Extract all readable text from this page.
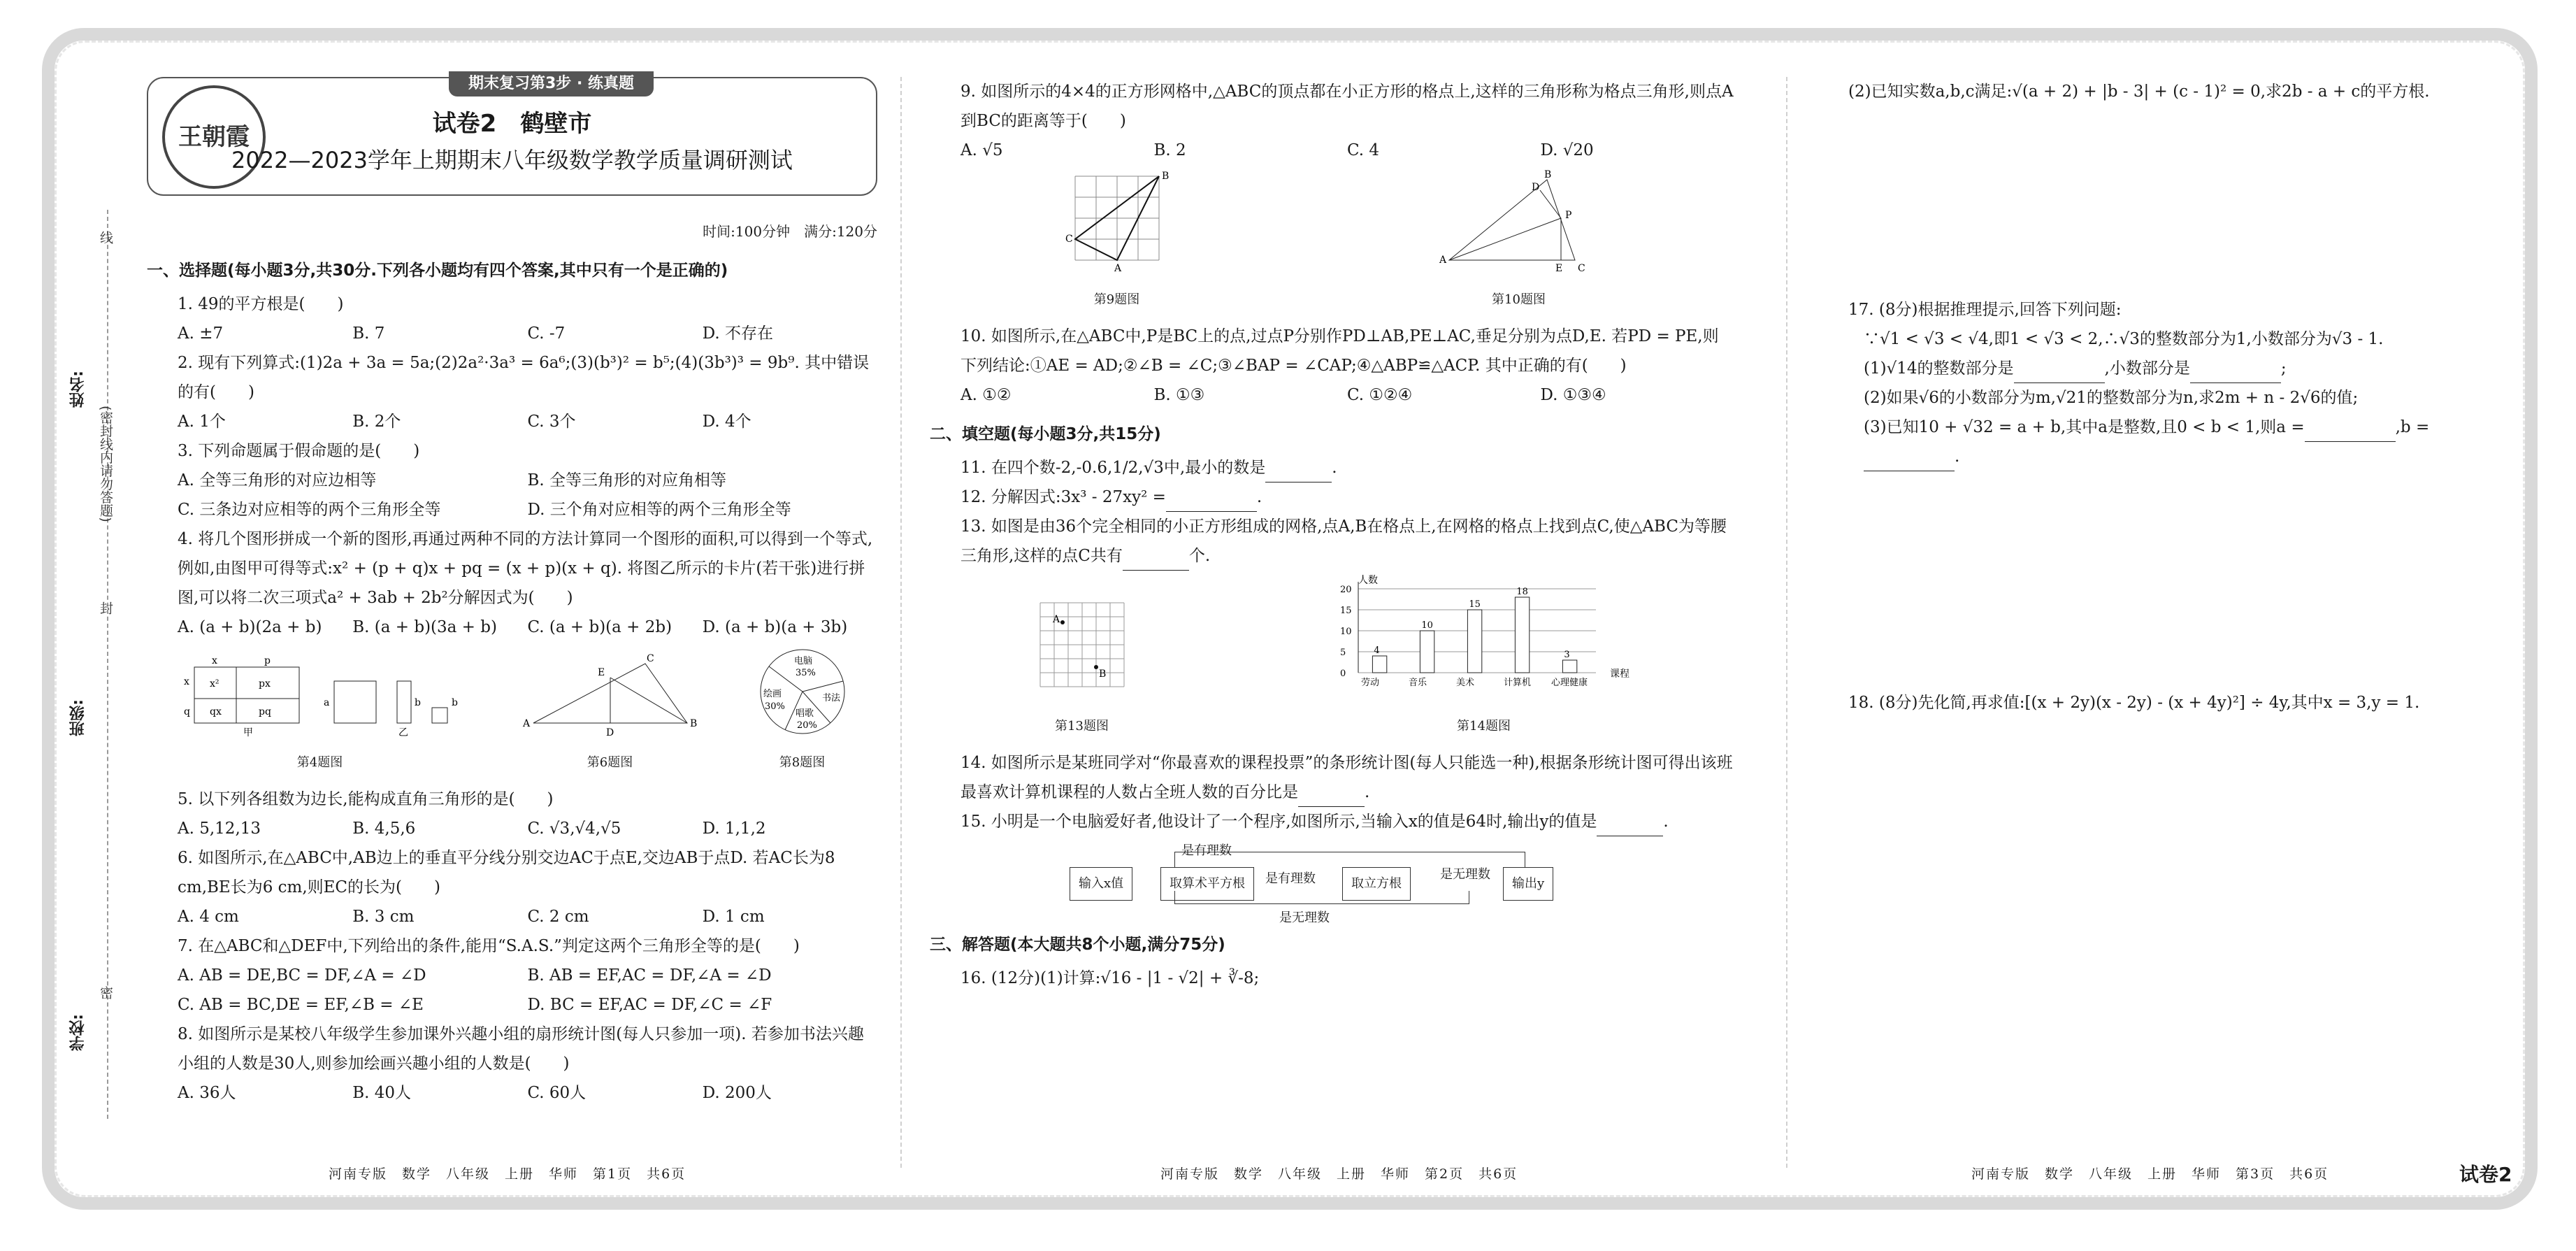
姓名:
班级:
学校:
线
(密封线内请勿答题)
封
密
期末复习第3步 · 练真题
王朝霞	试卷2　鹤壁市
2022—2023学年上期期末八年级数学教学质量调研测试
时间:100分钟　满分:120分
一、选择题(每小题3分,共30分.下列各小题均有四个答案,其中只有一个是正确的)

1. 49的平方根是(　　)

A. ±7	B. 7	C. -7	D. 不存在

2. 现有下列算式:(1)2a + 3a = 5a;(2)2a²·3a³ = 6a⁶;(3)(b³)² = b⁵;(4)(3b³)³ = 9b⁹. 其中错误的有(　　)

A. 1个	B. 2个	C. 3个	D. 4个

3. 下列命题属于假命题的是(　　)

A. 全等三角形的对应边相等	B. 全等三角形的对应角相等
C. 三条边对应相等的两个三角形全等	D. 三个角对应相等的两个三角形全等

4. 将几个图形拼成一个新的图形,再通过两种不同的方法计算同一个图形的面积,可以得到一个等式,例如,由图甲可得等式:x² + (p + q)x + pq = (x + p)(x + q). 将图乙所示的卡片(若干张)进行拼图,可以将二次三项式a² + 3ab + 2b²分解因式为(　　)

A. (a + b)(2a + b)	B. (a + b)(3a + b)	C. (a + b)(a + 2b)	D. (a + b)(a + 3b)
x	p
x
q
x²	px
qx	pq
甲
a	b	b
乙
第4题图
A	B
C
D
E
第6题图
电脑
35%
绘画
30%
书法
唱歌
20%
第8题图

5. 以下列各组数为边长,能构成直角三角形的是(　　)

A. 5,12,13	B. 4,5,6	C. √3,√4,√5	D. 1,1,2

6. 如图所示,在△ABC中,AB边上的垂直平分线分别交边AC于点E,交边AB于点D. 若AC长为8 cm,BE长为6 cm,则EC的长为(　　)

A. 4 cm	B. 3 cm	C. 2 cm	D. 1 cm

7. 在△ABC和△DEF中,下列给出的条件,能用“S.A.S.”判定这两个三角形全等的是(　　)

A. AB = DE,BC = DF,∠A = ∠D	B. AB = EF,AC = DF,∠A = ∠D
C. AB = BC,DE = EF,∠B = ∠E	D. BC = EF,AC = DF,∠C = ∠F

8. 如图所示是某校八年级学生参加课外兴趣小组的扇形统计图(每人只参加一项). 若参加书法兴趣小组的人数是30人,则参加绘画兴趣小组的人数是(　　)

A. 36人	B. 40人	C. 60人	D. 200人
河南专版　数学　八年级　上册　华师　第1页　共6页

9. 如图所示的4×4的正方形网格中,△ABC的顶点都在小正方形的格点上,这样的三角形称为格点三角形,则点A到BC的距离等于(　　)

A. √5	B. 2	C. 4	D. √20
B
C
A
第9题图
A
B
C
D
E
P
第10题图

10. 如图所示,在△ABC中,P是BC上的点,过点P分别作PD⊥AB,PE⊥AC,垂足分别为点D,E. 若PD = PE,则下列结论:①AE = AD;②∠B = ∠C;③∠BAP = ∠CAP;④△ABP≌△ACP. 其中正确的有(　　)

A. ①②	B. ①③	C. ①②④	D. ①③④
二、填空题(每小题3分,共15分)

11. 在四个数-2,-0.6,1/2,√3中,最小的数是	.

12. 分解因式:3x³ - 27xy² =	.

13. 如图是由36个完全相同的小正方形组成的网格,点A,B在格点上,在网格的格点上找到点C,使△ABC为等腰三角形,这样的点C共有	个.

A
B
第13题图
人数
课程
0
5
10
15
20
4
劳动
10
音乐
15
美术
18
计算机
3
心理健康
第14题图

14. 如图所示是某班同学对“你最喜欢的课程投票”的条形统计图(每人只能选一种),根据条形统计图可得出该班最喜欢计算机课程的人数占全班人数的百分比是	.

15. 小明是一个电脑爱好者,他设计了一个程序,如图所示,当输入x的值是64时,输出y的值是	.

是有理数
输入x值	取算术平方根	是有理数	取立方根
是无理数
输出y
是无理数
三、解答题(本大题共8个小题,满分75分)

16. (12分)(1)计算:√16 - |1 - √2| + ∛-8;

河南专版　数学　八年级　上册　华师　第2页　共6页

(2)已知实数a,b,c满足:√(a + 2) + |b - 3| + (c - 1)² = 0,求2b - a + c的平方根.

17. (8分)根据推理提示,回答下列问题:

∵√1 < √3 < √4,即1 < √3 < 2,∴√3的整数部分为1,小数部分为√3 - 1.

(1)√14的整数部分是	,小数部分是	;

(2)如果√6的小数部分为m,√21的整数部分为n,求2m + n - 2√6的值;

(3)已知10 + √32 = a + b,其中a是整数,且0 < b < 1,则a =	,b =.

18. (8分)先化简,再求值:[(x + 2y)(x - 2y) - (x + 4y)²] ÷ 4y,其中x = 3,y = 1.

河南专版　数学　八年级　上册　华师　第3页　共6页	试卷2
